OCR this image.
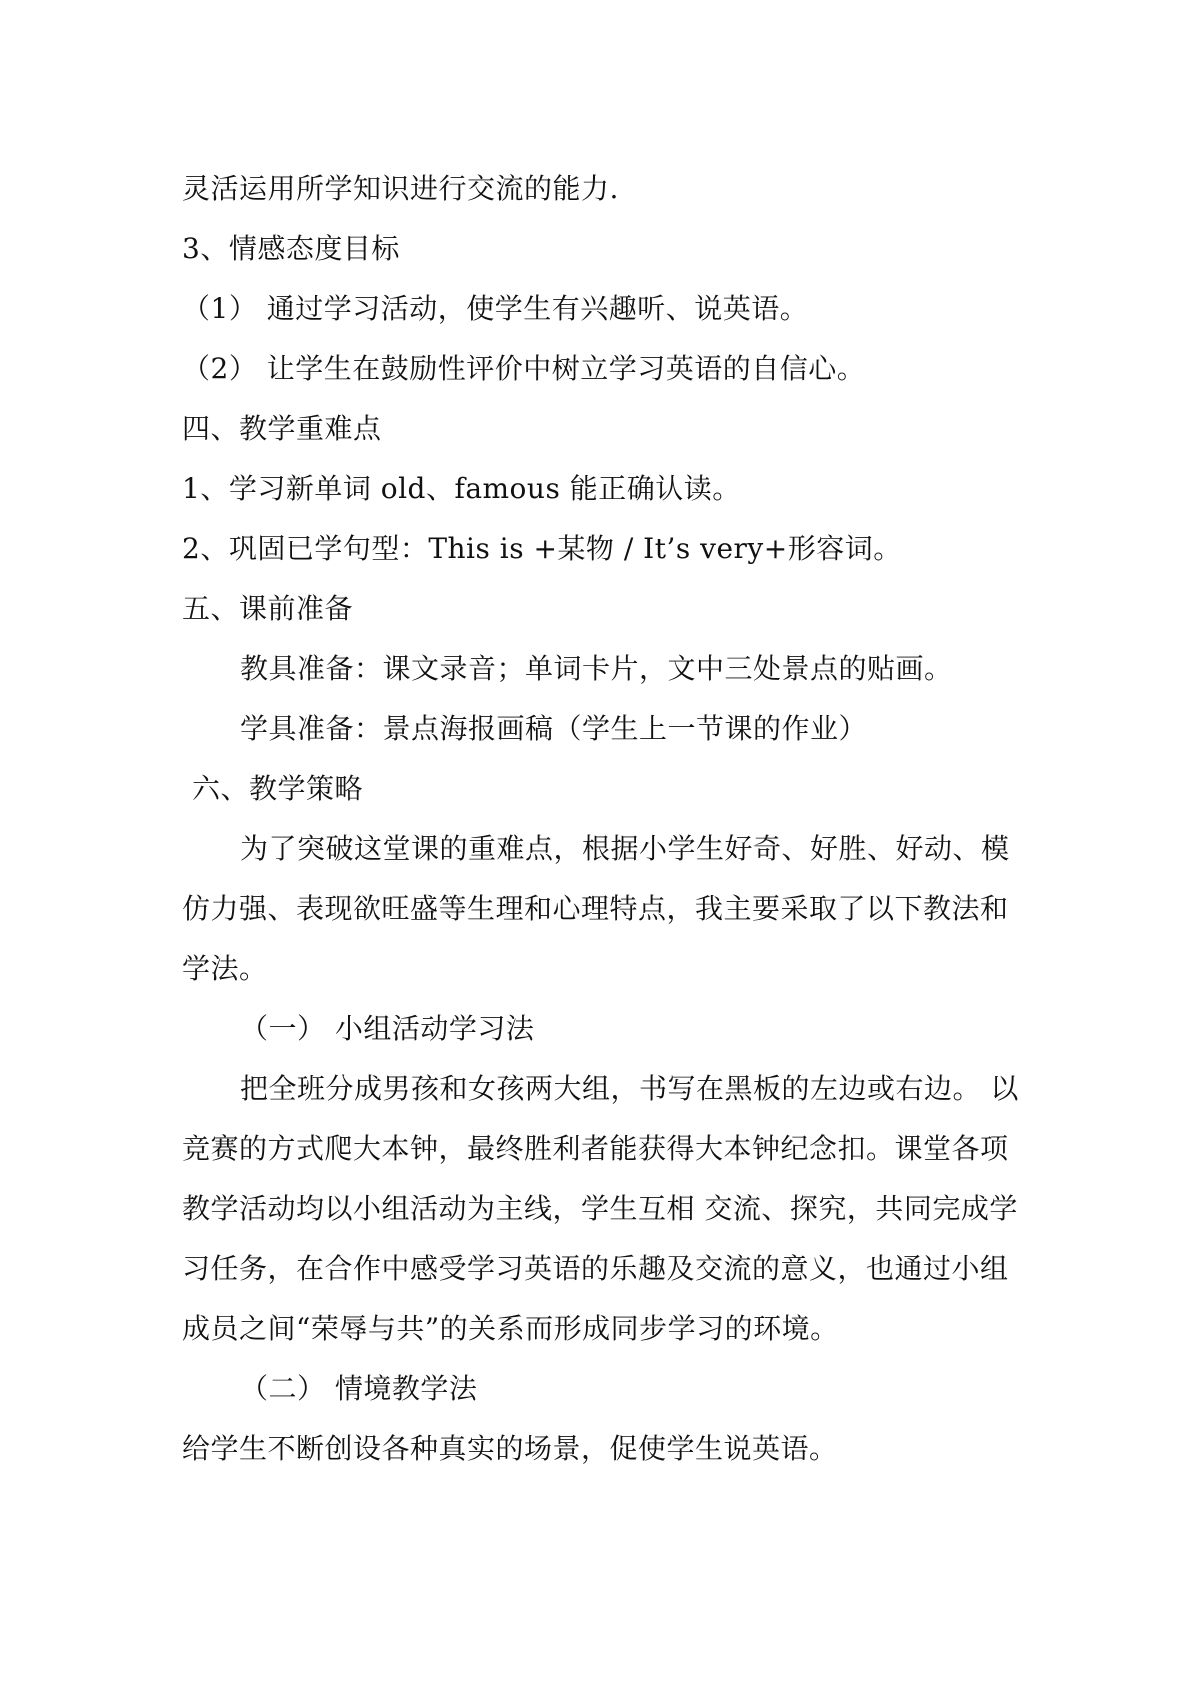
灵活运用所学知识进行交流的能力.
3、情感态度目标
（1） 通过学习活动，使学生有兴趣听、说英语。
（2） 让学生在鼓励性评价中树立学习英语的自信心。
四、教学重难点
1、学习新单词 old、famous 能正确认读。
2、巩固已学句型：This is +某物 / It’s very+形容词。
五、课前准备
教具准备：课文录音；单词卡片，文中三处景点的贴画。
学具准备：景点海报画稿（学生上一节课的作业）
六、教学策略
为了突破这堂课的重难点，根据小学生好奇、好胜、好动、模
仿力强、表现欲旺盛等生理和心理特点，我主要采取了以下教法和
学法。
（一） 小组活动学习法
把全班分成男孩和女孩两大组，书写在黑板的左边或右边。 以
竞赛的方式爬大本钟，最终胜利者能获得大本钟纪念扣。课堂各项
教学活动均以小组活动为主线，学生互相 交流、探究，共同完成学
习任务，在合作中感受学习英语的乐趣及交流的意义，也通过小组
成员之间“荣辱与共”的关系而形成同步学习的环境。
（二） 情境教学法
给学生不断创设各种真实的场景，促使学生说英语。
